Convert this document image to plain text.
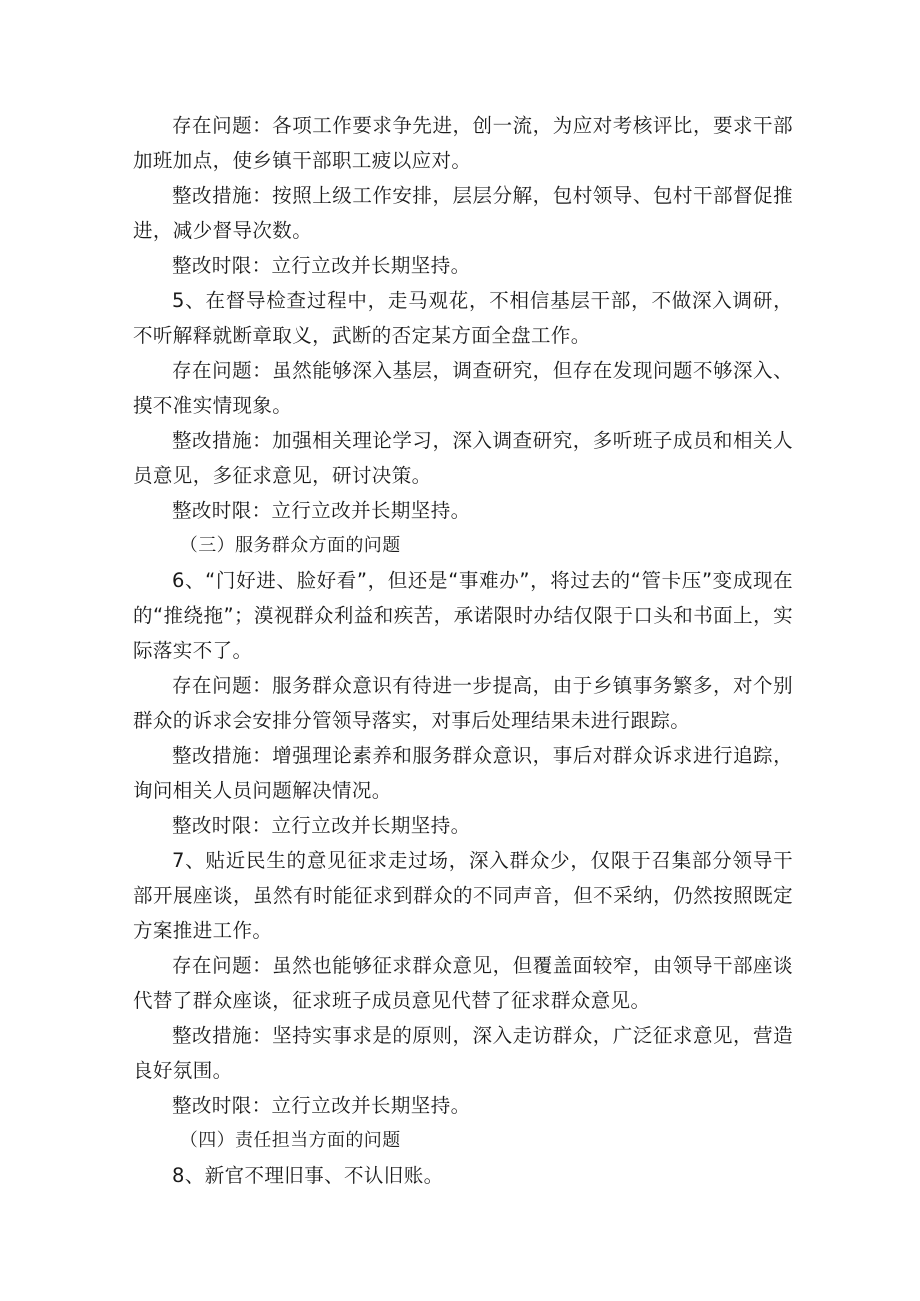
存在问题：各项工作要求争先进，创一流，为应对考核评比，要求干部加班加点，使乡镇干部职工疲以应对。

整改措施：按照上级工作安排，层层分解，包村领导、包村干部督促推进，减少督导次数。

整改时限：立行立改并长期坚持。

5、在督导检查过程中，走马观花，不相信基层干部，不做深入调研，不听解释就断章取义，武断的否定某方面全盘工作。

存在问题：虽然能够深入基层，调查研究，但存在发现问题不够深入、摸不准实情现象。

整改措施：加强相关理论学习，深入调查研究，多听班子成员和相关人员意见，多征求意见，研讨决策。

整改时限：立行立改并长期坚持。

（三）服务群众方面的问题

6、“门好进、脸好看”，但还是“事难办”，将过去的“管卡压”变成现在的“推绕拖”；漠视群众利益和疾苦，承诺限时办结仅限于口头和书面上，实际落实不了。

存在问题：服务群众意识有待进一步提高，由于乡镇事务繁多，对个别群众的诉求会安排分管领导落实，对事后处理结果未进行跟踪。

整改措施：增强理论素养和服务群众意识，事后对群众诉求进行追踪，询问相关人员问题解决情况。

整改时限：立行立改并长期坚持。

7、贴近民生的意见征求走过场，深入群众少，仅限于召集部分领导干部开展座谈，虽然有时能征求到群众的不同声音，但不采纳，仍然按照既定方案推进工作。

存在问题：虽然也能够征求群众意见，但覆盖面较窄，由领导干部座谈代替了群众座谈，征求班子成员意见代替了征求群众意见。

整改措施：坚持实事求是的原则，深入走访群众，广泛征求意见，营造良好氛围。

整改时限：立行立改并长期坚持。

（四）责任担当方面的问题

8、新官不理旧事、不认旧账。
